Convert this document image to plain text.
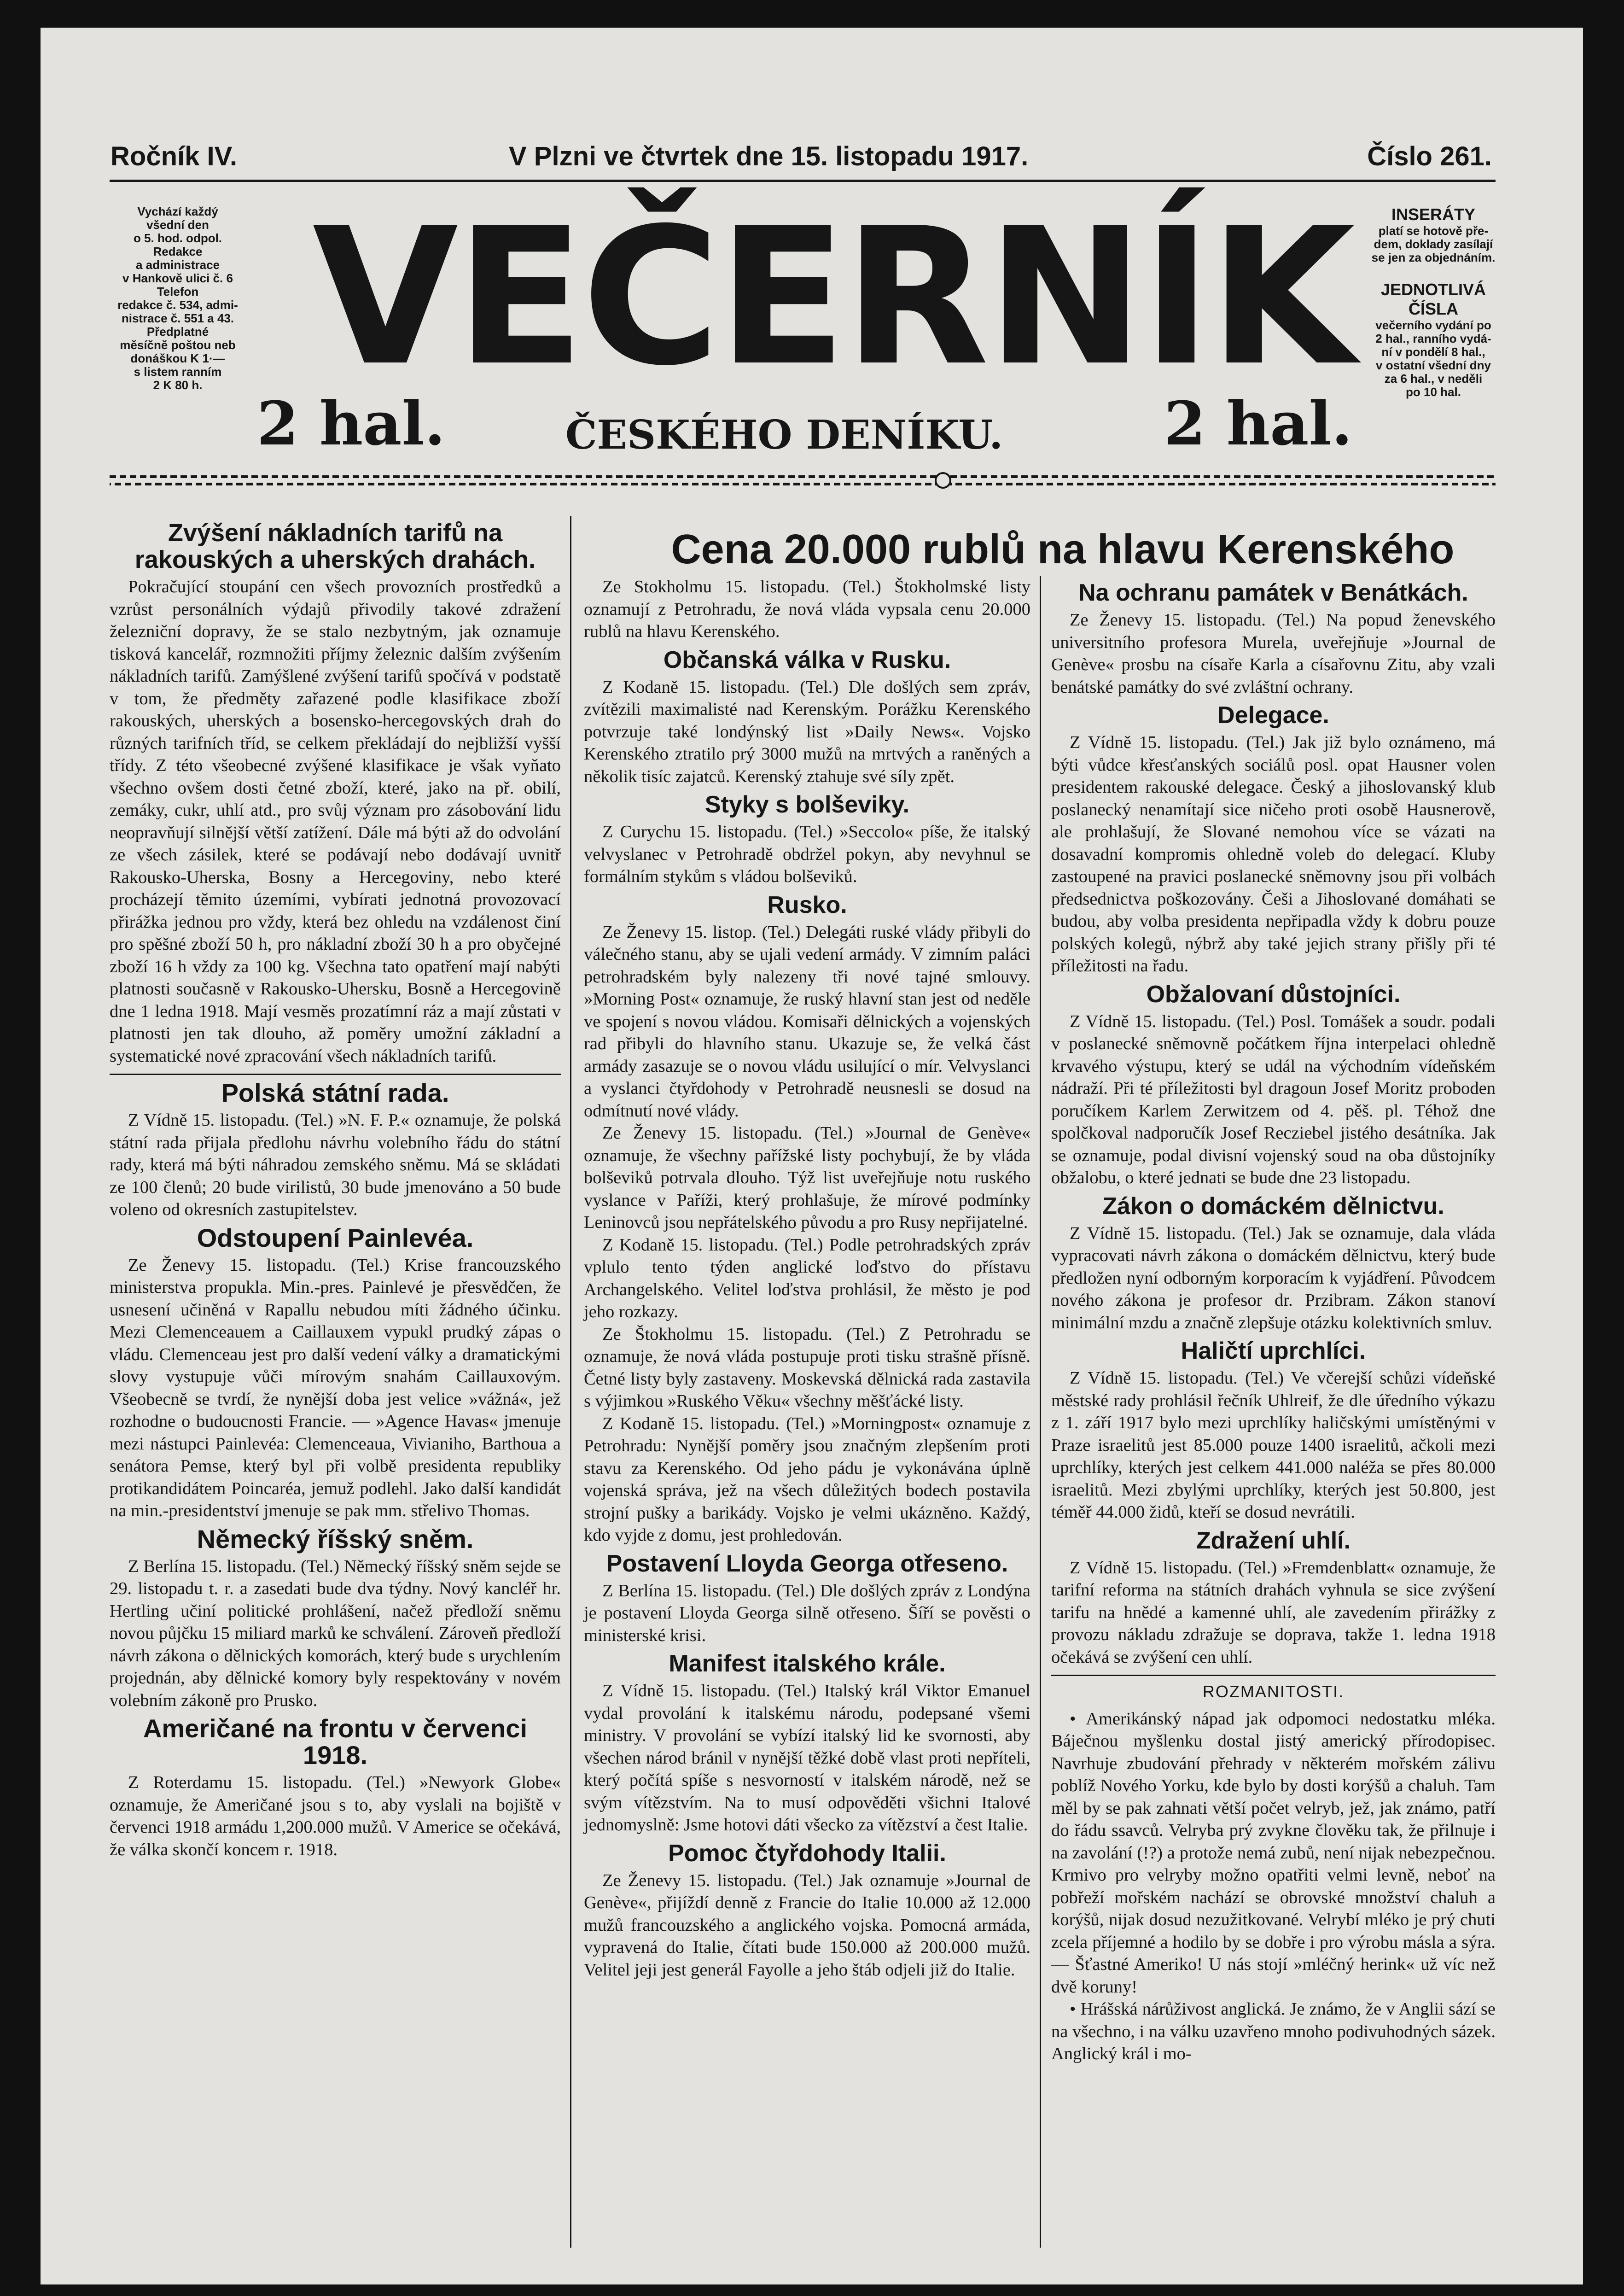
Ročník IV.	V Plzni ve čtvrtek dne 15. listopadu 1917.	Číslo 261.

Vychází každý

všední den

o 5. hod. odpol.

Redakce

a administrace

v Hankově ulici č. 6

Telefon

redakce č. 534, admi-

nistrace č. 551 a 43.

Předplatné

měsíčně poštou neb

donáškou K 1·—

s listem ranním

2 K 80 h.

INSERÁTY

platí se hotově pře-

dem, doklady zasílají

se jen za objednáním.

JEDNOTLIVÁ

ČÍSLA

večerního vydání po

2 hal., ranního vydá-

ní v pondělí 8 hal.,

v ostatní všední dny

za 6 hal., v neděli

po 10 hal.

VEČERNÍK
2 hal.	ČESKÉHO DENÍKU.	2 hal.
Cena 20.000 rublů na hlavu Kerenského
Zvýšení nákladních tarifů na rakouských a uherských drahách.

Pokračující stoupání cen všech provozních prostředků a vzrůst personálních výdajů přivodily takové zdražení železniční dopravy, že se stalo nezbytným, jak oznamuje tisková kancelář, rozmnožiti příjmy železnic dalším zvýšením nákladních tarifů. Zamýšlené zvýšení tarifů spočívá v podstatě v tom, že předměty zařazené podle klasifikace zboží rakouských, uherských a bosensko-hercegovských drah do různých tarifních tříd, se celkem překládají do nejbližší vyšší třídy. Z této všeobecné zvýšené klasifikace je však vyňato všechno ovšem dosti četné zboží, které, jako na př. obilí, zemáky, cukr, uhlí atd., pro svůj význam pro zásobování lidu neopravňují silnější větší zatížení. Dále má býti až do odvolání ze všech zásilek, které se podávají nebo dodávají uvnitř Rakousko-Uherska, Bosny a Hercegoviny, nebo které procházejí těmito územími, vybírati jednotná provozovací přirážka jednou pro vždy, která bez ohledu na vzdálenost činí pro spěšné zboží 50 h, pro nákladní zboží 30 h a pro obyčejné zboží 16 h vždy za 100 kg. Všechna tato opatření mají nabýti platnosti současně v Rakousko-Uhersku, Bosně a Hercegovině dne 1 ledna 1918. Mají vesměs prozatímní ráz a mají zůstati v platnosti jen tak dlouho, až poměry umožní základní a systematické nové zpracování všech nákladních tarifů.

Polská státní rada.

Z Vídně 15. listopadu. (Tel.) »N. F. P.« oznamuje, že polská státní rada přijala předlohu návrhu volebního řádu do státní rady, která má býti náhradou zemského sněmu. Má se skládati ze 100 členů; 20 bude virilistů, 30 bude jmenováno a 50 bude voleno od okresních zastupitelstev.

Odstoupení Painlevéa.

Ze Ženevy 15. listopadu. (Tel.) Krise francouzského ministerstva propukla. Min.-pres. Painlevé je přesvědčen, že usnesení učiněná v Rapallu nebudou míti žádného účinku. Mezi Clemenceauem a Caillauxem vypukl prudký zápas o vládu. Clemenceau jest pro další vedení války a dramatickými slovy vystupuje vůči mírovým snahám Caillauxovým. Všeobecně se tvrdí, že nynější doba jest velice »vážná«, jež rozhodne o budoucnosti Francie. — »Agence Havas« jmenuje mezi nástupci Painlevéa: Clemenceaua, Vivianiho, Barthoua a senátora Pemse, který byl při volbě presidenta republiky protikandidátem Poincaréa, jemuž podlehl. Jako další kandidát na min.-presidentství jmenuje se pak mm. střelivo Thomas.

Německý říšský sněm.

Z Berlína 15. listopadu. (Tel.) Německý říšský sněm sejde se 29. listopadu t. r. a zasedati bude dva týdny. Nový kancléř hr. Hertling učiní politické prohlášení, načež předloží sněmu novou půjčku 15 miliard marků ke schválení. Zároveň předloží návrh zákona o dělnických komorách, který bude s urychlením projednán, aby dělnické komory byly respektovány v novém volebním zákoně pro Prusko.

Američané na frontu v červenci 1918.

Z Roterdamu 15. listopadu. (Tel.) »Newyork Globe« oznamuje, že Američané jsou s to, aby vyslali na bojiště v červenci 1918 armádu 1,200.000 mužů. V Americe se očekává, že válka skončí koncem r. 1918.

Ze Stokholmu 15. listopadu. (Tel.) Štokholmské listy oznamují z Petrohradu, že nová vláda vypsala cenu 20.000 rublů na hlavu Kerenského.

Občanská válka v Rusku.

Z Kodaně 15. listopadu. (Tel.) Dle došlých sem zpráv, zvítězili maximalisté nad Kerenským. Porážku Kerenského potvrzuje také londýnský list »Daily News«. Vojsko Kerenského ztratilo prý 3000 mužů na mrtvých a raněných a několik tisíc zajatců. Kerenský ztahuje své síly zpět.

Styky s bolševiky.

Z Curychu 15. listopadu. (Tel.) »Seccolo« píše, že italský velvyslanec v Petrohradě obdržel pokyn, aby nevyhnul se formálním stykům s vládou bolševiků.

Rusko.

Ze Ženevy 15. listop. (Tel.) Delegáti ruské vlády přibyli do válečného stanu, aby se ujali vedení armády. V zimním paláci petrohradském byly nalezeny tři nové tajné smlouvy. »Morning Post« oznamuje, že ruský hlavní stan jest od neděle ve spojení s novou vládou. Komisaři dělnických a vojenských rad přibyli do hlavního stanu. Ukazuje se, že velká část armády zasazuje se o novou vládu usilující o mír. Velvyslanci a vyslanci čtyřdohody v Petrohradě neusnesli se dosud na odmítnutí nové vlády.

Ze Ženevy 15. listopadu. (Tel.) »Journal de Genève« oznamuje, že všechny pařížské listy pochybují, že by vláda bolševiků potrvala dlouho. Týž list uveřejňuje notu ruského vyslance v Paříži, který prohlašuje, že mírové podmínky Leninovců jsou nepřátelského původu a pro Rusy nepřijatelné.

Z Kodaně 15. listopadu. (Tel.) Podle petrohradských zpráv vplulo tento týden anglické loďstvo do přístavu Archangelského. Velitel loďstva prohlásil, že město je pod jeho rozkazy.

Ze Štokholmu 15. listopadu. (Tel.) Z Petrohradu se oznamuje, že nová vláda postupuje proti tisku strašně přísně. Četné listy byly zastaveny. Moskevská dělnická rada zastavila s výjimkou »Ruského Věku« všechny měšťácké listy.

Z Kodaně 15. listopadu. (Tel.) »Morningpost« oznamuje z Petrohradu: Nynější poměry jsou značným zlepšením proti stavu za Kerenského. Od jeho pádu je vykonávána úplně vojenská správa, jež na všech důležitých bodech postavila strojní pušky a barikády. Vojsko je velmi ukázněno. Každý, kdo vyjde z domu, jest prohledován.

Postavení Lloyda Georga otřeseno.

Z Berlína 15. listopadu. (Tel.) Dle došlých zpráv z Londýna je postavení Lloyda Georga silně otřeseno. Šíří se pověsti o ministerské krisi.

Manifest italského krále.

Z Vídně 15. listopadu. (Tel.) Italský král Viktor Emanuel vydal provolání k italskému národu, podepsané všemi ministry. V provolání se vybízí italský lid ke svornosti, aby všechen národ bránil v nynější těžké době vlast proti nepříteli, který počítá spíše s nesvorností v italském národě, než se svým vítězstvím. Na to musí odpověděti všichni Italové jednomyslně: Jsme hotovi dáti všecko za vítězství a čest Italie.

Pomoc čtyřdohody Italii.

Ze Ženevy 15. listopadu. (Tel.) Jak oznamuje »Journal de Genève«, přijíždí denně z Francie do Italie 10.000 až 12.000 mužů francouzského a anglického vojska. Pomocná armáda, vypravená do Italie, čítati bude 150.000 až 200.000 mužů. Velitel jeji jest generál Fayolle a jeho štáb odjeli již do Italie.

Na ochranu památek v Benátkách.

Ze Ženevy 15. listopadu. (Tel.) Na popud ženevského universitního profesora Murela, uveřejňuje »Journal de Genève« prosbu na císaře Karla a císařovnu Zitu, aby vzali benátské památky do své zvláštní ochrany.

Delegace.

Z Vídně 15. listopadu. (Tel.) Jak již bylo oznámeno, má býti vůdce křesťanských sociálů posl. opat Hausner volen presidentem rakouské delegace. Český a jihoslovanský klub poslanecký nenamítají sice ničeho proti osobě Hausnerově, ale prohlašují, že Slované nemohou více se vázati na dosavadní kompromis ohledně voleb do delegací. Kluby zastoupené na pravici poslanecké sněmovny jsou při volbách předsednictva poškozovány. Češi a Jihoslované domáhati se budou, aby volba presidenta nepřipadla vždy k dobru pouze polských kolegů, nýbrž aby také jejich strany přišly při té příležitosti na řadu.

Obžalovaní důstojníci.

Z Vídně 15. listopadu. (Tel.) Posl. Tomášek a soudr. podali v poslanecké sněmovně počátkem října interpelaci ohledně krvavého výstupu, který se udál na východním vídeňském nádraží. Při té příležitosti byl dragoun Josef Moritz proboden poručíkem Karlem Zerwitzem od 4. pěš. pl. Téhož dne spolčkoval nadporučík Josef Recziebel jistého desátníka. Jak se oznamuje, podal divisní vojenský soud na oba důstojníky obžalobu, o které jednati se bude dne 23 listopadu.

Zákon o domáckém dělnictvu.

Z Vídně 15. listopadu. (Tel.) Jak se oznamuje, dala vláda vypracovati návrh zákona o domáckém dělnictvu, který bude předložen nyní odborným korporacím k vyjádření. Původcem nového zákona je profesor dr. Przibram. Zákon stanoví minimální mzdu a značně zlepšuje otázku kolektivních smluv.

Haličtí uprchlíci.

Z Vídně 15. listopadu. (Tel.) Ve včerejší schůzi vídeňské městské rady prohlásil řečník Uhlreif, že dle úředního výkazu z 1. září 1917 bylo mezi uprchlíky haličskými umístěnými v Praze israelitů jest 85.000 pouze 1400 israelitů, ačkoli mezi uprchlíky, kterých jest celkem 441.000 naléža se přes 80.000 israelitů. Mezi zbylými uprchlíky, kterých jest 50.800, jest téměř 44.000 židů, kteří se dosud nevrátili.

Zdražení uhlí.

Z Vídně 15. listopadu. (Tel.) »Fremdenblatt« oznamuje, že tarifní reforma na státních drahách vyhnula se sice zvýšení tarifu na hnědé a kamenné uhlí, ale zavedením přirážky z provozu nákladu zdražuje se doprava, takže 1. ledna 1918 očekává se zvýšení cen uhlí.

ROZMANITOSTI.

• Amerikánský nápad jak odpomoci nedostatku mléka. Báječnou myšlenku dostal jistý americký přírodopisec. Navrhuje zbudování přehrady v některém mořském zálivu poblíž Nového Yorku, kde bylo by dosti korýšů a chaluh. Tam měl by se pak zahnati větší počet velryb, jež, jak známo, patří do řádu ssavců. Velryba prý zvykne člověku tak, že přilnuje i na zavolání (!?) a protože nemá zubů, není nijak nebezpečnou. Krmivo pro velryby možno opatřiti velmi levně, neboť na pobřeží mořském nachází se obrovské množství chaluh a korýšů, nijak dosud nezužitkované. Velrybí mléko je prý chuti zcela příjemné a hodilo by se dobře i pro výrobu másla a sýra. — Šťastné Ameriko! U nás stojí »mléčný herink« už víc než dvě koruny!

• Hrášská nárůživost anglická. Je známo, že v Anglii sází se na všechno, i na válku uzavřeno mnoho podivuhodných sázek. Anglický král i mo-
